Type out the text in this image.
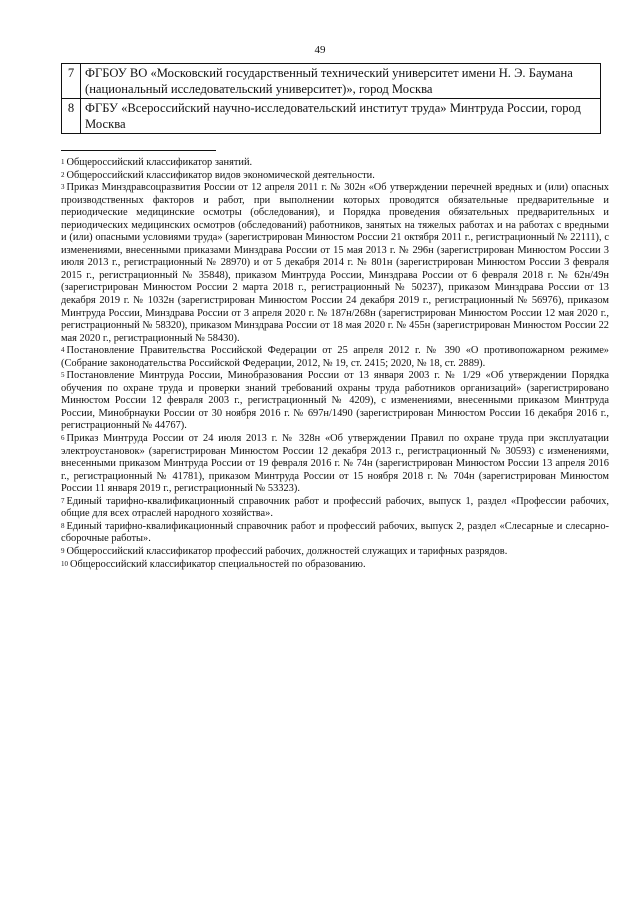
49
7	ФГБОУ ВО «Московский государственный технический университет имени Н. Э. Баумана (национальный исследовательский университет)», город Москва
8	ФГБУ «Всероссийский научно-исследовательский институт труда» Минтруда России, город Москва

$^1$ Общероссийский классификатор занятий.

$^2$ Общероссийский классификатор видов экономической деятельности.

$^3$ Приказ Минздравсоцразвития России от 12 апреля 2011 г. № 302н «Об утверждении перечней вредных и (или) опасных производственных факторов и работ, при выполнении которых проводятся обязательные предварительные и периодические медицинские осмотры (обследования), и Порядка проведения обязательных предварительных и периодических медицинских осмотров (обследований) работников, занятых на тяжелых работах и на работах с вредными и (или) опасными условиями труда» (зарегистрирован Минюстом России 21 октября 2011 г., регистрационный № 22111), с изменениями, внесенными приказами Минздрава России от 15 мая 2013 г. № 296н (зарегистрирован Минюстом России 3 июля 2013 г., регистрационный № 28970) и от 5 декабря 2014 г. № 801н (зарегистрирован Минюстом России 3 февраля 2015 г., регистрационный № 35848), приказом Минтруда России, Минздрава России от 6 февраля 2018 г. № 62н/49н (зарегистрирован Минюстом России 2 марта 2018 г., регистрационный № 50237), приказом Минздрава России от 13 декабря 2019 г. № 1032н (зарегистрирован Минюстом России 24 декабря 2019 г., регистрационный № 56976), приказом Минтруда России, Минздрава России от 3 апреля 2020 г. № 187н/268н (зарегистрирован Минюстом России 12 мая 2020 г., регистрационный № 58320), приказом Минздрава России от 18 мая 2020 г. № 455н (зарегистрирован Минюстом России 22 мая 2020 г., регистрационный № 58430).

$^4$ Постановление Правительства Российской Федерации от 25 апреля 2012 г. № 390 «О противопожарном режиме» (Собрание законодательства Российской Федерации, 2012, № 19, ст. 2415; 2020, № 18, ст. 2889).

$^5$ Постановление Минтруда России, Минобразования России от 13 января 2003 г. № 1/29 «Об утверждении Порядка обучения по охране труда и проверки знаний требований охраны труда работников организаций» (зарегистрировано Минюстом России 12 февраля 2003 г., регистрационный № 4209), с изменениями, внесенными приказом Минтруда России, Минобрнауки России от 30 ноября 2016 г. № 697н/1490 (зарегистрирован Минюстом России 16 декабря 2016 г., регистрационный № 44767).

$^6$ Приказ Минтруда России от 24 июля 2013 г. № 328н «Об утверждении Правил по охране труда при эксплуатации электроустановок» (зарегистрирован Минюстом России 12 декабря 2013 г., регистрационный № 30593) с изменениями, внесенными приказом Минтруда России от 19 февраля 2016 г. № 74н (зарегистрирован Минюстом России 13 апреля 2016 г., регистрационный № 41781), приказом Минтруда России от 15 ноября 2018 г. № 704н (зарегистрирован Минюстом России 11 января 2019 г., регистрационный № 53323).

$^7$ Единый тарифно-квалификационный справочник работ и профессий рабочих, выпуск 1, раздел «Профессии рабочих, общие для всех отраслей народного хозяйства».

$^8$ Единый тарифно-квалификационный справочник работ и профессий рабочих, выпуск 2, раздел «Слесарные и слесарно-сборочные работы».

$^9$ Общероссийский классификатор профессий рабочих, должностей служащих и тарифных разрядов.

$^{10}$ Общероссийский классификатор специальностей по образованию.
